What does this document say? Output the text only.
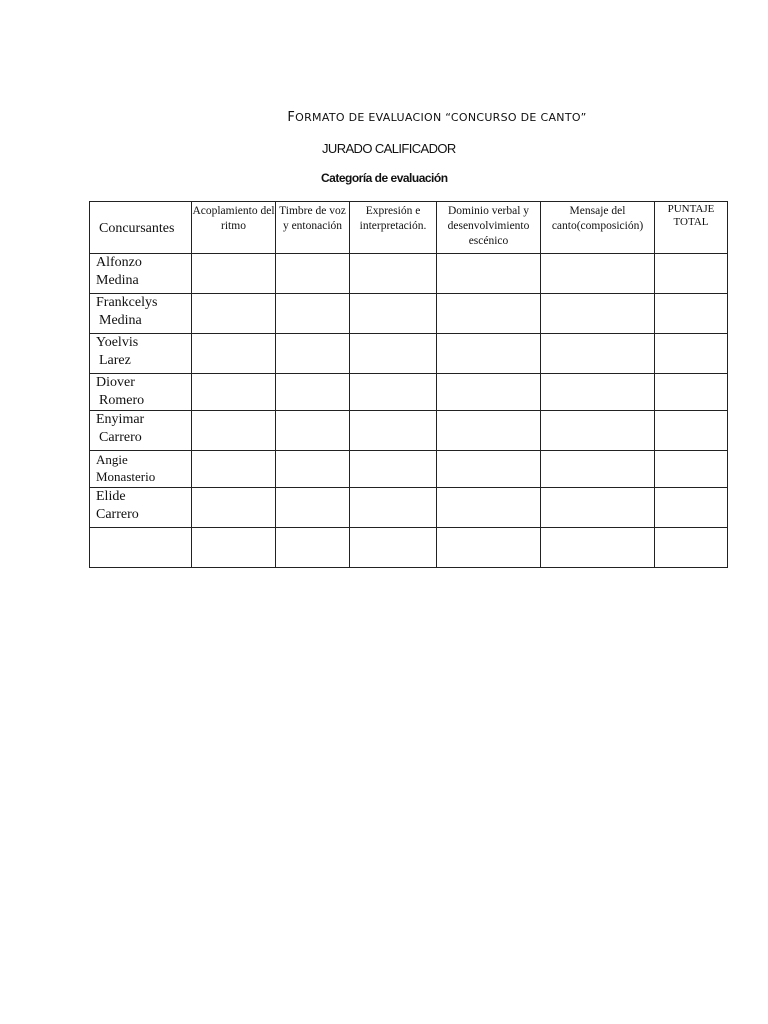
FORMATO DE EVALUACION “CONCURSO DE CANTO”
JURADO CALIFICADOR
Categoría de evaluación
Concursantes	Acoplamiento del ritmo	Timbre de voz y entonación	Expresión e interpretación.	Dominio verbal y desenvolvimiento escénico	Mensaje del canto(composición)	PUNTAJE TOTAL

Alfonzo
Medina						

Frankcelys
Medina						

Yoelvis
Larez						

Diover
Romero						

Enyimar
Carrero						

Angie
Monasterio						

Elide
Carrero						
